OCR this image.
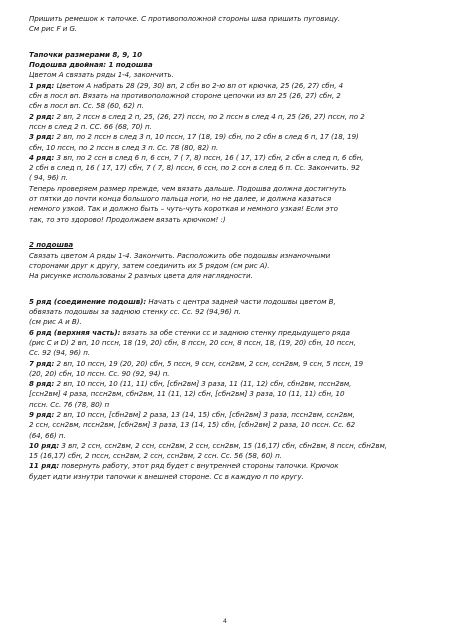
Пришить ремешок к тапочке. С противоположной стороны шва пришить пуговицу.

См рис F и G.

Тапочки размерами 8, 9, 10

Подошва двойная: 1 подошва

Цветом А связать ряды 1-4, закончить.

1 ряд: Цветом А набрать 28 (29, 30) вп, 2 сбн во 2-ю вп от крючка, 25 (26, 27) сбн, 4

сбн в посл вп. Вязать на противоположной стороне цепочки из вп 25 (26, 27) сбн, 2

сбн в посл вп. Сс. 58 (60, 62) п.

2 ряд: 2 вп, 2 пссн в след 2 п, 25, (26, 27) пссн, по 2 пссн в след 4 п, 25 (26, 27) пссн, по 2

пссн в след 2 п. СС. 66 (68, 70) п.

3 ряд: 2 вп, по 2 пссн в след 3 п, 10 пссн, 17 (18, 19) сбн, по 2 сбн в след 6 п, 17 (18, 19)

сбн, 10 пссн, по 2 пссн в след 3 п. Сс. 78 (80, 82) п.

4 ряд: 3 вп, по 2 ссн в след 6 п, 6 ссн, 7 ( 7, 8) пссн, 16 ( 17, 17) сбн, 2 сбн в след п, 6 сбн,

2 сбн в след п, 16 ( 17, 17) сбн, 7 ( 7, 8) пссн, 6 ссн, по 2 ссн в след 6 п. Сс. Закончить. 92

( 94, 96) п.

Теперь проверяем размер прежде, чем вязать дальше. Подошва должна достигнуть

от пятки до почти конца большого пальца ноги, но не далее, и должна казаться

немного узкой. Так и должно быть – чуть-чуть короткая и немного узкая! Если это

так, то это здорово! Продолжаем вязать крючком! :)

2 подошва

Связать цветом А ряды 1-4. Закончить. Расположить обе подошвы изнаночными

сторонами друг к другу, затем соединить их 5 рядом (см рис А).

На рисунке использованы 2 разных цвета для наглядности.

5 ряд (соединение подошв): Начать с центра задней части подошвы цветом B,

обвязать подошвы за заднюю стенку сс. Сс. 92 (94,96) п.

(см рис А и В).

6 ряд (верхняя часть): вязать за обе стенки сс и заднюю стенку предыдущего ряда

(рис С и D) 2 вп, 10 пссн, 18 (19, 20) сбн, 8 пссн, 20 ссн, 8 пссн, 18, (19, 20) сбн, 10 пссн,

Сс. 92 (94, 96) п.

7 ряд: 2 вп, 10 пссн, 19 (20, 20) сбн, 5 пссн, 9 ссн, ссн2вм, 2 ссн, ссн2вм, 9 ссн, 5 пссн, 19

(20, 20) сбн, 10 пссн. Сс. 90 (92, 94) п.

8 ряд: 2 вп, 10 пссн, 10 (11, 11) сбн, [сбн2вм] 3 раза, 11 (11, 12) сбн, сбн2вм, пссн2вм,

[ссн2вм] 4 раза, пссн2вм, сбн2вм, 11 (11, 12) сбн, [сбн2вм] 3 раза, 10 (11, 11) сбн, 10

пссн. Сс. 76 (78, 80) п

9 ряд: 2 вп, 10 пссн, [сбн2вм] 2 раза, 13 (14, 15) сбн, [сбн2вм] 3 раза, пссн2вм, ссн2вм,

2 ссн, ссн2вм, пссн2вм, [сбн2вм] 3 раза, 13 (14, 15) сбн, [сбн2вм] 2 раза, 10 пссн. Сс. 62

(64, 66) п.

10 ряд: 3 вп, 2 ссн, ссн2вм, 2 ссн, ссн2вм, 2 ссн, ссн2вм, 15 (16,17) сбн, сбн2вм, 8 пссн, сбн2вм,

15 (16,17) сбн, 2 пссн, ссн2вм, 2 ссн, ссн2вм, 2 ссн. Сс. 56 (58, 60) п.

11 ряд: повернуть работу, этот ряд будет с внутренней стороны тапочки. Крючок

будет идти изнутри тапочки к внешней стороне. Сс в каждую п по кругу.

4
